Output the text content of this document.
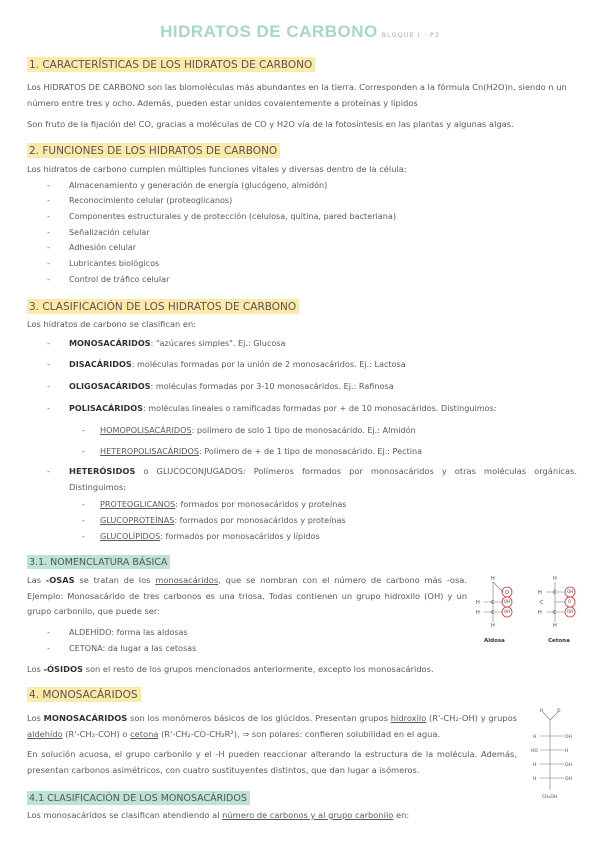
HIDRATOS DE CARBONO BLOQUE I · P3
1. CARACTERÍSTICAS DE LOS HIDRATOS DE CARBONO
Los HIDRATOS DE CARBONO son las biomoléculas más abundantes en la tierra. Corresponden a la fórmula Cn(H2O)n, siendo n un número entre tres y ocho. Además, pueden estar unidos covalentemente a proteínas y lípidos
Son fruto de la fijación del CO, gracias a moléculas de CO y H2O vía de la fotosíntesis en las plantas y algunas algas.
2. FUNCIONES DE LOS HIDRATOS DE CARBONO
Los hidratos de carbono cumplen múltiples funciones vitales y diversas dentro de la célula:
- Almacenamiento y generación de energía (glucógeno, almidón)
- Reconocimiento celular (proteoglicanos)
- Componentes estructurales y de protección (celulosa, quitina, pared bacteriana)
- Señalización celular
- Adhesión celular
- Lubricantes biológicos
- Control de tráfico celular
3. CLASIFICACIÓN DE LOS HIDRATOS DE CARBONO
Los hidratos de carbono se clasifican en:
- MONOSACÁRIDOS: "azúcares simples". Ej.: Glucosa
- DISACÁRIDOS: moléculas formadas por la unión de 2 monosacáridos. Ej.: Lactosa
- OLIGOSACÁRIDOS: moléculas formadas por 3-10 monosacáridos. Ej.: Rafinosa
- POLISACÁRIDOS: moléculas lineales o ramificadas formadas por + de 10 monosacáridos. Distinguimos:
- HOMOPOLISACÁRIDOS: polímero de solo 1 tipo de monosacárido. Ej.: Almidón
- HETEROPOLISACÁRIDOS: Polímero de + de 1 tipo de monosacárido. Ej.: Pectina
- HETERÓSIDOS o GLUCOCONJUGADOS: Polímeros formados por monosacáridos y otras moléculas orgánicas. Distinguimos:
- PROTEOGLICANOS: formados por monosacáridos y proteínas
- GLUCOPROTEÍNAS: formados por monosacáridos y proteínas
- GLUCOLÍPIDOS: formados por monosacáridos y lípidos
3.1. NOMENCLATURA BÁSICA
Las -OSAS se tratan de los monosacáridos, que se nombran con el número de carbono más -osa. Ejemplo: Monosacárido de tres carbonos es una triosa. Todas contienen un grupo hidroxilo (OH) y un grupo carbonilo, que puede ser:
- ALDEHÍDO: forma las aldosas
- CETONA: da lugar a las cetosas
Los -ÓSIDOS son el resto de los grupos mencionados anteriormente, excepto los monosacáridos.
H
O
H C
H C
H
H
H C
C
H C
H
OH
OH
OH
O
OH
Aldosa	Cetona
4. MONOSACÁRIDOS
Los MONOSACÁRIDOS son los monómeros básicos de los glúcidos. Presentan grupos hidroxilo (R'-CH₂-OH) y grupos aldehído (R'-CH₂-COH) o cetona (R'-CH₂-CO-CH₂R²), ⇒ son polares: confieren solubilidad en el agua.
En solución acuosa, el grupo carbonilo y el -H pueden reaccionar alterando la estructura de la molécula. Además, presentan carbonos asimétricos, con cuatro sustituyentes distintos, que dan lugar a isómeros.
H	O
H	OH
HO	H
H	OH
H	OH
CH₂OH
4.1 CLASIFICACIÓN DE LOS MONOSACÁRIDOS
Los monosacáridos se clasifican atendiendo al número de carbonos y al grupo carbonilo en:
